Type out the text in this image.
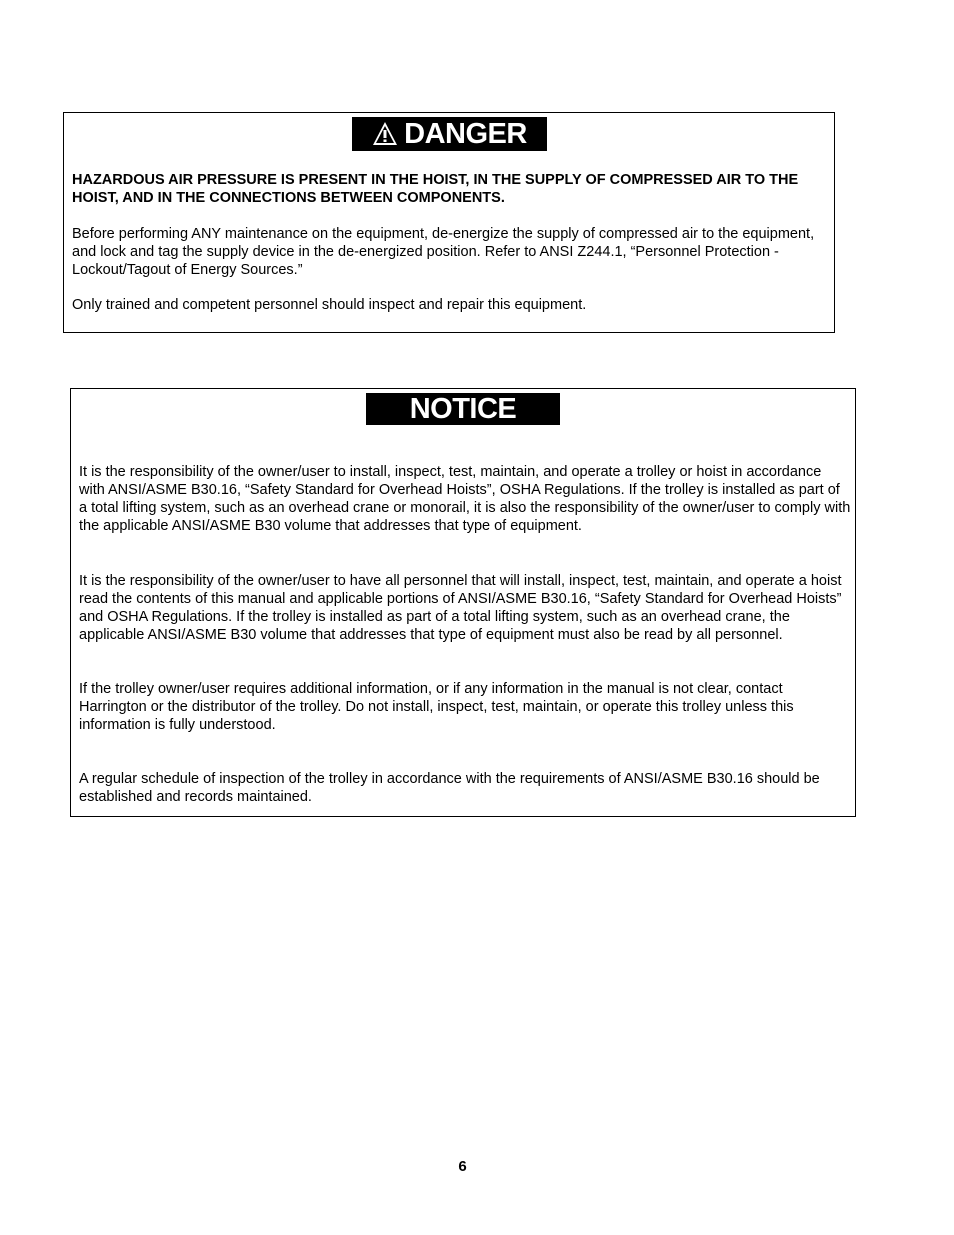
DANGER

HAZARDOUS AIR PRESSURE IS PRESENT IN THE HOIST, IN THE SUPPLY OF COMPRESSED AIR TO THE HOIST, AND IN THE CONNECTIONS BETWEEN COMPONENTS.

Before performing ANY maintenance on the equipment, de-energize the supply of compressed air to the equipment, and lock and tag the supply device in the de-energized position. Refer to ANSI Z244.1, “Personnel Protection - Lockout/Tagout of Energy Sources.”

Only trained and competent personnel should inspect and repair this equipment.

NOTICE

It is the responsibility of the owner/user to install, inspect, test, maintain, and operate a trolley or hoist in accordance with ANSI/ASME B30.16, “Safety Standard for Overhead Hoists”, OSHA Regulations. If the trolley is installed as part of a total lifting system, such as an overhead crane or monorail, it is also the responsibility of the owner/user to comply with the applicable ANSI/ASME B30 volume that addresses that type of equipment.

It is the responsibility of the owner/user to have all personnel that will install, inspect, test, maintain, and operate a hoist read the contents of this manual and applicable portions of ANSI/ASME B30.16, “Safety Standard for Overhead Hoists” and OSHA Regulations. If the trolley is installed as part of a total lifting system, such as an overhead crane, the applicable ANSI/ASME B30 volume that addresses that type of equipment must also be read by all personnel.

If the trolley owner/user requires additional information, or if any information in the manual is not clear, contact Harrington or the distributor of the trolley. Do not install, inspect, test, maintain, or operate this trolley unless this information is fully understood.

A regular schedule of inspection of the trolley in accordance with the requirements of ANSI/ASME B30.16 should be established and records maintained.

6
